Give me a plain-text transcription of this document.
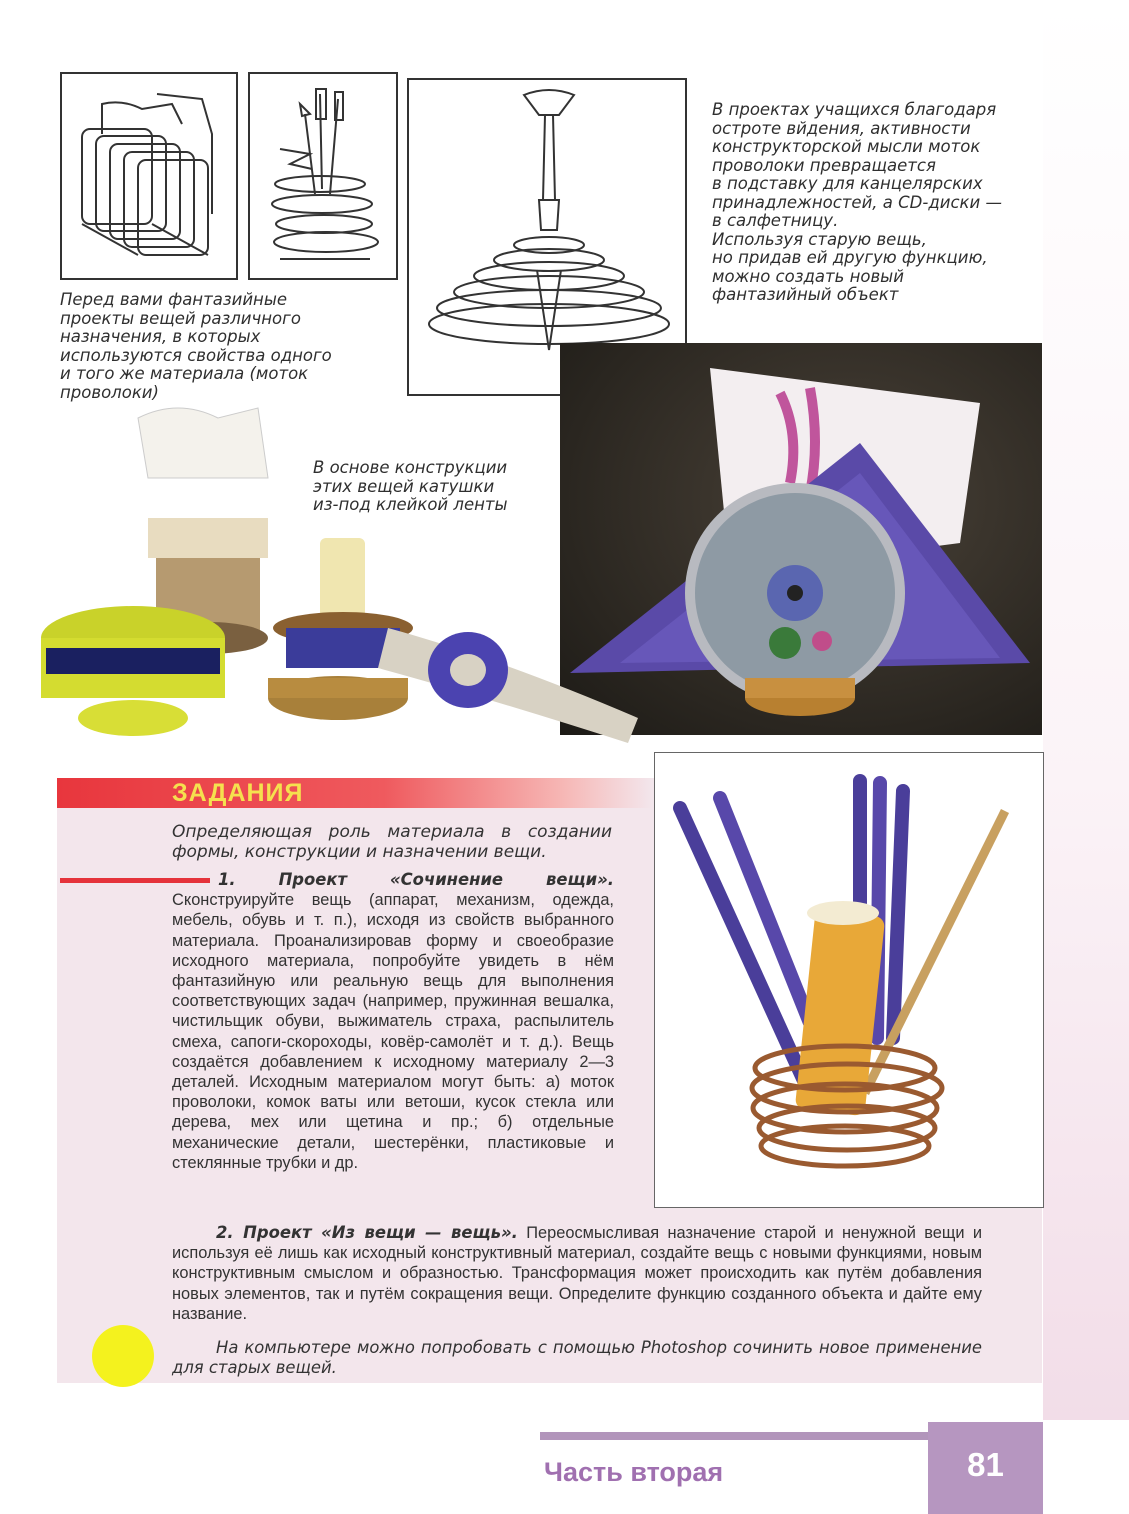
В проектах учащихся благодаря
остроте вйдения, активности
конструкторской мысли моток
проволоки превращается
в подставку для канцелярских
принадлежностей, а CD-диски —
в салфетницу.
Используя старую вещь,
но придав ей другую функцию,
можно создать новый
фантазийный объект
Перед вами фантазийные
проекты вещей различного
назначения, в которых
используются свойства одного
и того же материала (моток
проволоки)
В основе конструкции
этих вещей катушки
из-под клейкой ленты
ЗАДАНИЯ
Определяющая роль материала в создании формы, конструкции и назначении вещи.
1. Проект «Сочинение вещи». Сконструируйте вещь (аппарат, механизм, одежда, мебель, обувь и т. п.), исходя из свойств выбранного материала. Проанализировав форму и своеобразие исходного материала, попробуйте увидеть в нём фантазийную или реальную вещь для выполнения соответствующих задач (например, пружинная вешалка, чистильщик обуви, выжиматель страха, распылитель смеха, сапоги-скороходы, ковёр-самолёт и т. д.). Вещь создаётся добавлением к исходному материалу 2—3 деталей. Исходным материалом могут быть: а) моток проволоки, комок ваты или ветоши, кусок стекла или дерева, мех или щетина и пр.; б) отдельные механические детали, шестерёнки, пластиковые и стеклянные трубки и др.
2. Проект «Из вещи — вещь». Переосмысливая назначение старой и ненужной вещи и используя её лишь как исходный конструктивный материал, создайте вещь с новыми функциями, новым конструктивным смыслом и образностью. Трансформация может происходить как путём добавления новых элементов, так и путём сокращения вещи. Определите функцию созданного объекта и дайте ему название.
На компьютере можно попробовать с помощью Photoshop сочинить новое применение для старых вещей.
Часть вторая	81
